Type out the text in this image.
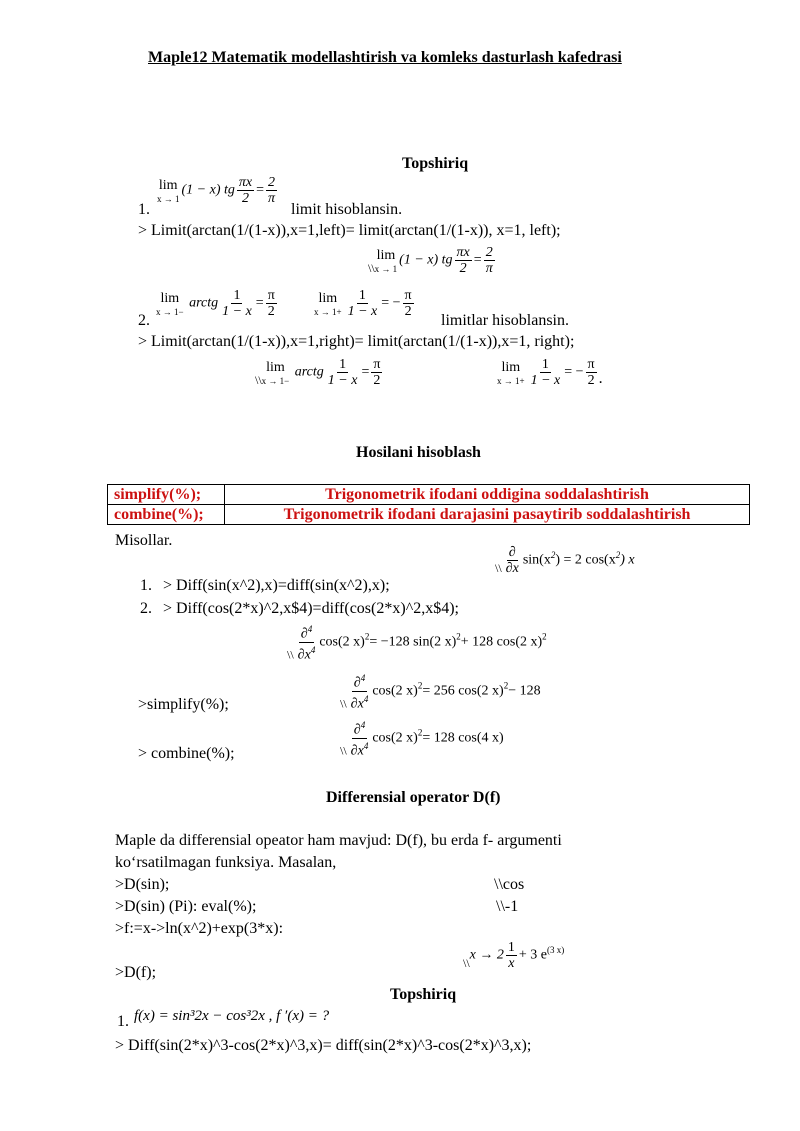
Maple12 Matematik modellashtirish va komleks dasturlash kafedrasi
Topshiriq
1.
lim
x → 1
(1 − x) tg $\frac{\pi x}{2} = \frac{2}{\pi}$
limit hisoblansin.
> Limit(arctan(1/(1-x)),x=1,left)= limit(arctan(1/(1-x)), x=1, left);
\\
lim
x → 1
(1 − x) tg $\frac{\pi x}{2} = \frac{2}{\pi}$
2.
lim
x → 1−
arctg $\frac{1}{1 - x} = \frac{\pi}{2}$	lim
$x \to 1+ \frac{1}{1 - x}$ = − $\frac{\pi}{2}$
limitlar hisoblansin.
> Limit(arctan(1/(1-x)),x=1,right)= limit(arctan(1/(1-x)),x=1, right);
\\
lim
x → 1−
arctg $\frac{1}{1 - x} = \frac{\pi}{2}$	lim
$x \to 1+ \frac{1}{1 - x}$ = − $\frac{\pi}{2}$ .
Hosilani hisoblash
simplify(%);	Trigonometrik ifodani oddigina soddalashtirish
combine(%);	Trigonometrik ifodani darajasini pasaytirib soddalashtirish
Misollar.
\\ $\frac{\partial}{\partial x} \sin(x^2) = 2$ $\cos(x^2)$ x
1. > Diff(sin(x^2),x)=diff(sin(x^2),x);
2. > Diff(cos(2*x)^2,x$4)=diff(cos(2*x)^2,x$4);
\\ $\frac{\partial^4}{\partial x^4} \cos(2$ x)$^2$= −128 sin(2 x)$^2$+ 128 cos(2 x)$^2$
\\ $\frac{\partial^4}{\partial x^4} \cos(2$ x)$^2$= 256 cos(2 x)$^2$− 128
>simplify(%);
\\ $\frac{\partial^4}{\partial x^4} \cos(2$ x)$^2$= 128 cos(4 x)
> combine(%);
Differensial operator D(f)
Maple da differensial opeator ham mavjud: D(f), bu erda f- argumenti
ko‘rsatilmagan funksiya. Masalan,
>D(sin);	\\cos
>D(sin) (Pi): eval(%);	\\-1
>f:=x->ln(x^2)+exp(3*x):
\\x → $2 \frac{1}{x} + 3$ $e^{(3 x)}$
>D(f);
Topshiriq
1. f(x) = sin³2x − cos³2x , f ′(x) = ?
> Diff(sin(2*x)^3-cos(2*x)^3,x)= diff(sin(2*x)^3-cos(2*x)^3,x);
